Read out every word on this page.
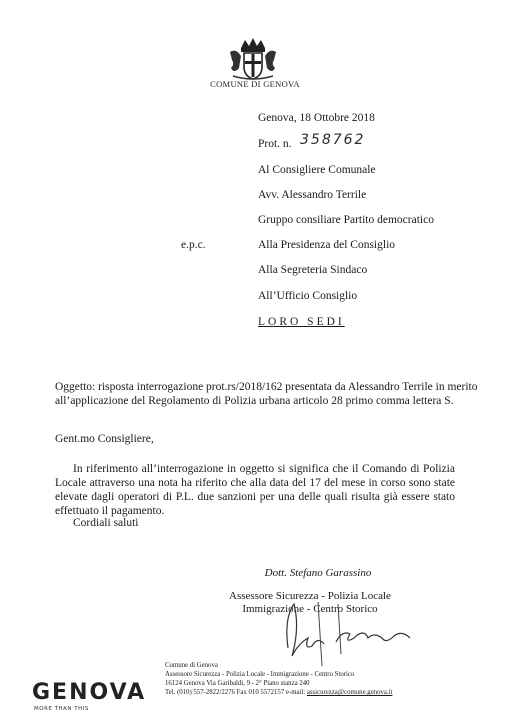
COMUNE DI GENOVA
Genova, 18 Ottobre 2018
Prot. n. 358762
Al Consigliere Comunale
Avv. Alessandro Terrile
Gruppo consiliare Partito democratico
e.p.c.	Alla Presidenza del Consiglio
Alla Segreteria Sindaco
All’Ufficio Consiglio
LORO SEDI
Oggetto: risposta interrogazione prot.rs/2018/162 presentata da Alessandro Terrile in merito
all’applicazione del Regolamento di Polizia urbana articolo 28 primo comma lettera S.
Gent.mo Consigliere,
In riferimento all’interrogazione in oggetto si significa che il Comando di Polizia Locale attraverso una nota ha riferito che alla data del 17 del mese in corso sono state elevate dagli operatori di P.L. due sanzioni per una delle quali risulta già essere stato effettuato il pagamento.
Cordiali saluti
Dott. Stefano Garassino
Assessore Sicurezza - Polizia Locale
Immigrazione - Centro Storico
GENOVA
MORE THAN THIS
Comune di Genova
Assessore Sicurezza - Polizia Locale - Immigrazione - Centro Storico
16124 Genova Via Garibaldi, 9 - 2° Piano stanza 240
Tel. (010) 557-2822/2276 Fax 010 5572157 e-mail: assicurezza@comune.genova.it
